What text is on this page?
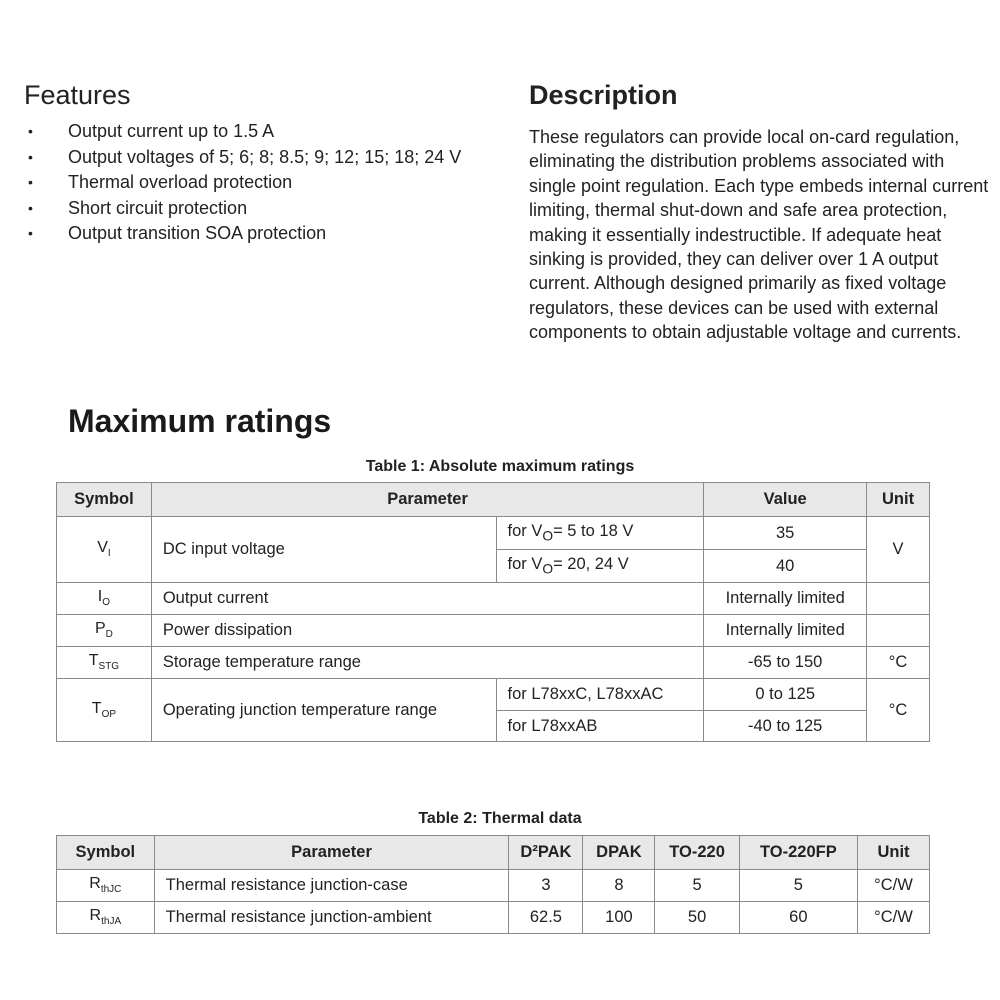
Features
• Output current up to 1.5 A
• Output voltages of 5; 6; 8; 8.5; 9; 12; 15; 18; 24 V
• Thermal overload protection
• Short circuit protection
• Output transition SOA protection
Description

These regulators can provide local on-card regulation, eliminating the distribution problems associated with single point regulation. Each type embeds internal current limiting, thermal shut-down and safe area protection, making it essentially indestructible. If adequate heat sinking is provided, they can deliver over 1 A output current. Although designed primarily as fixed voltage regulators, these devices can be used with external components to obtain adjustable voltage and currents.

Maximum ratings
Table 1: Absolute maximum ratings
Symbol	Parameter		Value	Unit
$V_I$	DC input voltage	for $V_O= 5$ to 18 V	35	V
		for $V_O= 20$, 24 V	40	
$I_O$	Output current		Internally limited	
$P_D$	Power dissipation		Internally limited	
$T_{STG}$	Storage temperature range		-65 to 150	°C
$T_{OP}$	Operating junction temperature range	for L78xxC, L78xxAC	0 to 125	°C
		for L78xxAB	-40 to 125	
Table 2: Thermal data
Symbol	Parameter	D²PAK	DPAK	TO-220	TO-220FP	Unit
$R_{thJC}$	Thermal resistance junction-case	3	8	5	5	°C/W
$R_{thJA}$	Thermal resistance junction-ambient	62.5	100	50	60	°C/W
